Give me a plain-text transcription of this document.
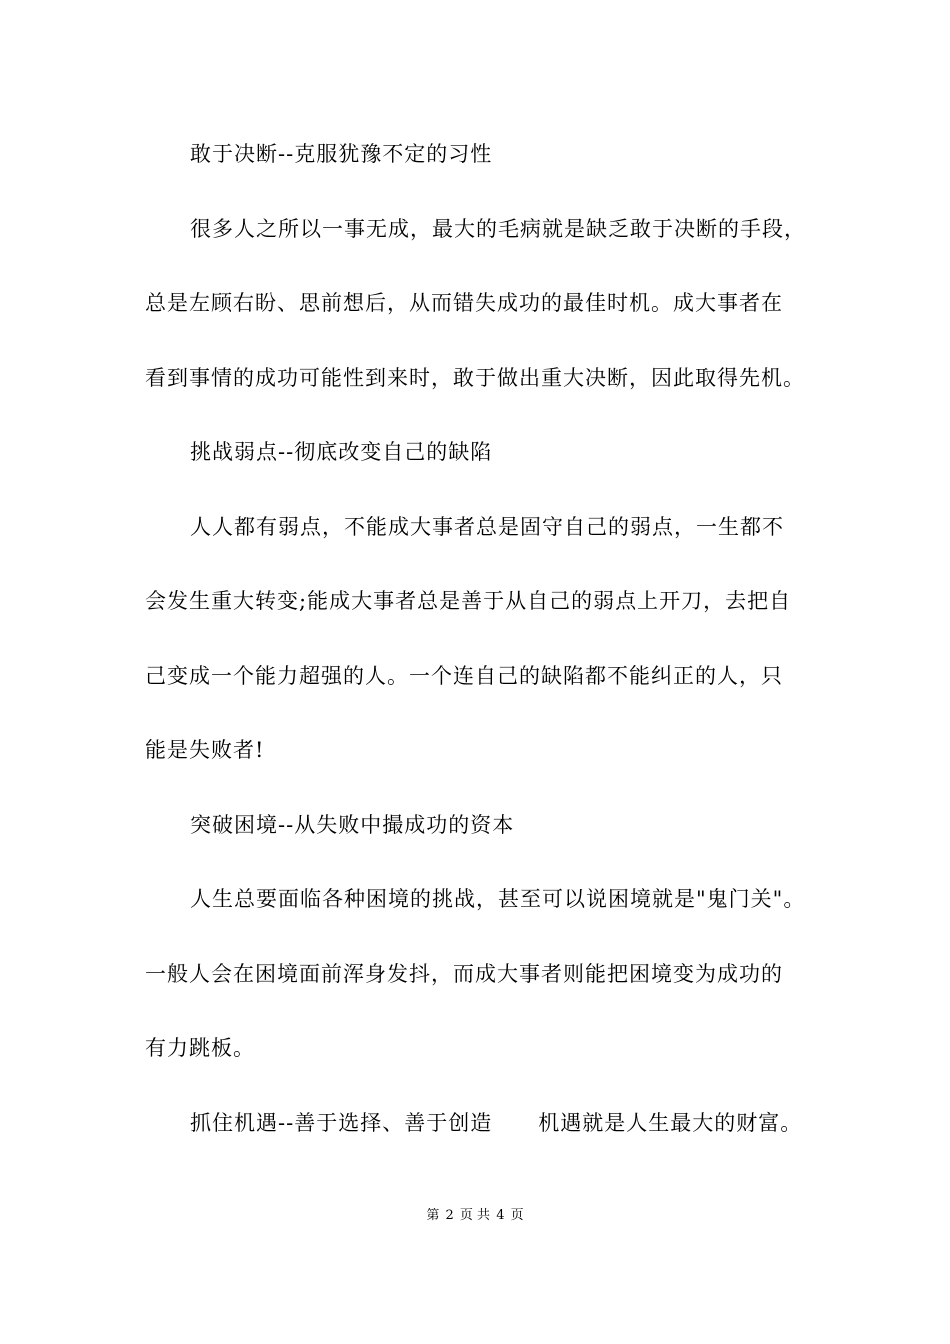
敢于决断--克服犹豫不定的习性
很多人之所以一事无成，最大的毛病就是缺乏敢于决断的手段，
总是左顾右盼、思前想后，从而错失成功的最佳时机。成大事者在
看到事情的成功可能性到来时，敢于做出重大决断，因此取得先机。
挑战弱点--彻底改变自己的缺陷
人人都有弱点，不能成大事者总是固守自己的弱点，一生都不
会发生重大转变;能成大事者总是善于从自己的弱点上开刀，去把自
己变成一个能力超强的人。一个连自己的缺陷都不能纠正的人，只
能是失败者!
突破困境--从失败中撮成功的资本
人生总要面临各种困境的挑战，甚至可以说困境就是"鬼门关"。
一般人会在困境面前浑身发抖，而成大事者则能把困境变为成功的
有力跳板。
抓住机遇--善于选择、善于创造 机遇就是人生最大的财富。
第 2 页 共 4 页
